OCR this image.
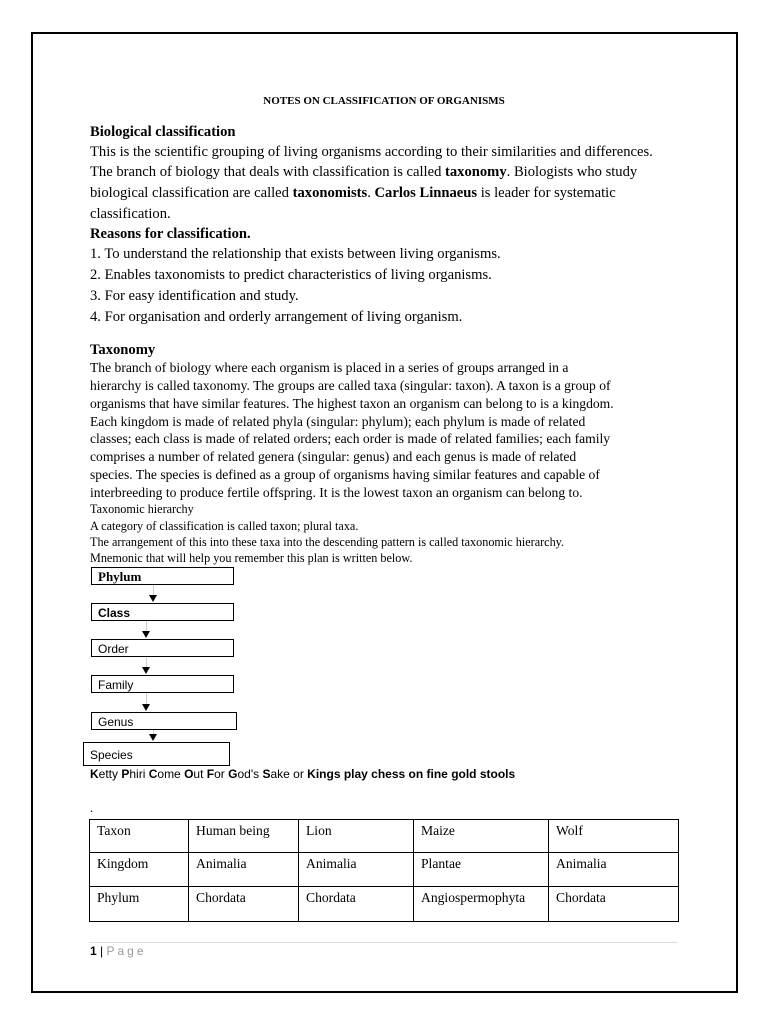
NOTES ON CLASSIFICATION OF ORGANISMS
Biological classification
This is the scientific grouping of living organisms according to their similarities and differences.
The branch of biology that deals with classification is called taxonomy. Biologists who study
biological classification are called taxonomists. Carlos Linnaeus is leader for systematic
classification.
Reasons for classification.
1. To understand the relationship that exists between living organisms.
2. Enables taxonomists to predict characteristics of living organisms.
3. For easy identification and study.
4. For organisation and orderly arrangement of living organism.
Taxonomy
The branch of biology where each organism is placed in a series of groups arranged in a
hierarchy is called taxonomy. The groups are called taxa (singular: taxon). A taxon is a group of
organisms that have similar features. The highest taxon an organism can belong to is a kingdom.
Each kingdom is made of related phyla (singular: phylum); each phylum is made of related
classes; each class is made of related orders; each order is made of related families; each family
comprises a number of related genera (singular: genus) and each genus is made of related
species. The species is defined as a group of organisms having similar features and capable of
interbreeding to produce fertile offspring. It is the lowest taxon an organism can belong to.
Taxonomic hierarchy
A category of classification is called taxon; plural taxa.
The arrangement of this into these taxa into the descending pattern is called taxonomic hierarchy.
Mnemonic that will help you remember this plan is written below.
.
Phylum
Class
Order
Family
Genus
Species
Ketty Phiri Come Out For God's Sake or Kings play chess on fine gold stools
Taxon	Human being	Lion	Maize	Wolf
Kingdom	Animalia	Animalia	Plantae	Animalia
Phylum	Chordata	Chordata	Angiospermophyta	Chordata
1 | Page
